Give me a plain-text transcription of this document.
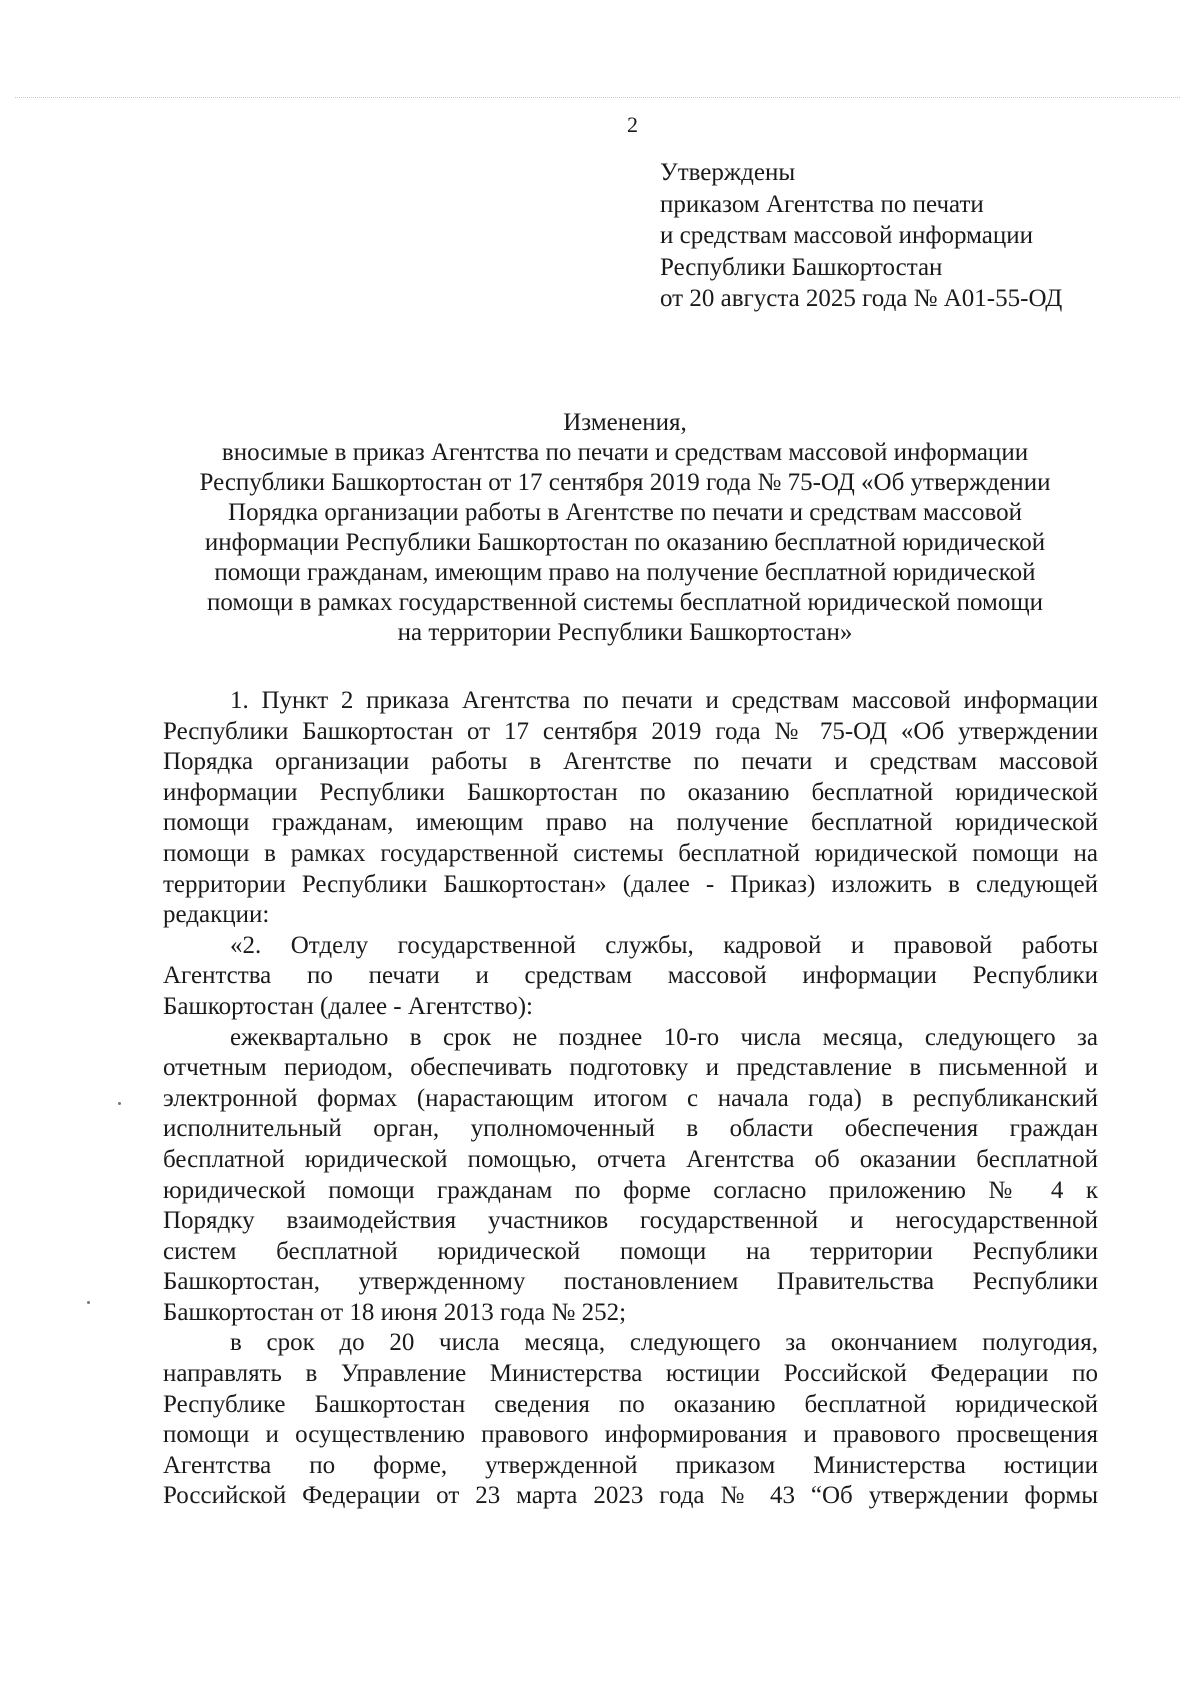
2
Утверждены
приказом Агентства по печати
и средствам массовой информации
Республики Башкортостан
от 20 августа 2025 года № А01-55-ОД
Изменения,
вносимые в приказ Агентства по печати и средствам массовой информации
Республики Башкортостан от 17 сентября 2019 года № 75-ОД «Об утверждении
Порядка организации работы в Агентстве по печати и средствам массовой
информации Республики Башкортостан по оказанию бесплатной юридической
помощи гражданам, имеющим право на получение бесплатной юридической
помощи в рамках государственной системы бесплатной юридической помощи
на территории Республики Башкортостан»
1. Пункт 2 приказа Агентства по печати и средствам массовой информации
Республики Башкортостан от 17 сентября 2019 года № 75-ОД «Об утверждении
Порядка организации работы в Агентстве по печати и средствам массовой
информации Республики Башкортостан по оказанию бесплатной юридической
помощи гражданам, имеющим право на получение бесплатной юридической
помощи в рамках государственной системы бесплатной юридической помощи на
территории Республики Башкортостан» (далее - Приказ) изложить в следующей
редакции:
«2. Отделу государственной службы, кадровой и правовой работы
Агентства по печати и средствам массовой информации Республики
Башкортостан (далее - Агентство):
ежеквартально в срок не позднее 10-го числа месяца, следующего за
отчетным периодом, обеспечивать подготовку и представление в письменной и
электронной формах (нарастающим итогом с начала года) в республиканский
исполнительный орган, уполномоченный в области обеспечения граждан
бесплатной юридической помощью, отчета Агентства об оказании бесплатной
юридической помощи гражданам по форме согласно приложению № 4 к
Порядку взаимодействия участников государственной и негосударственной
систем бесплатной юридической помощи на территории Республики
Башкортостан, утвержденному постановлением Правительства Республики
Башкортостан от 18 июня 2013 года № 252;
в срок до 20 числа месяца, следующего за окончанием полугодия,
направлять в Управление Министерства юстиции Российской Федерации по
Республике Башкортостан сведения по оказанию бесплатной юридической
помощи и осуществлению правового информирования и правового просвещения
Агентства по форме, утвержденной приказом Министерства юстиции
Российской Федерации от 23 марта 2023 года № 43 “Об утверждении формы
